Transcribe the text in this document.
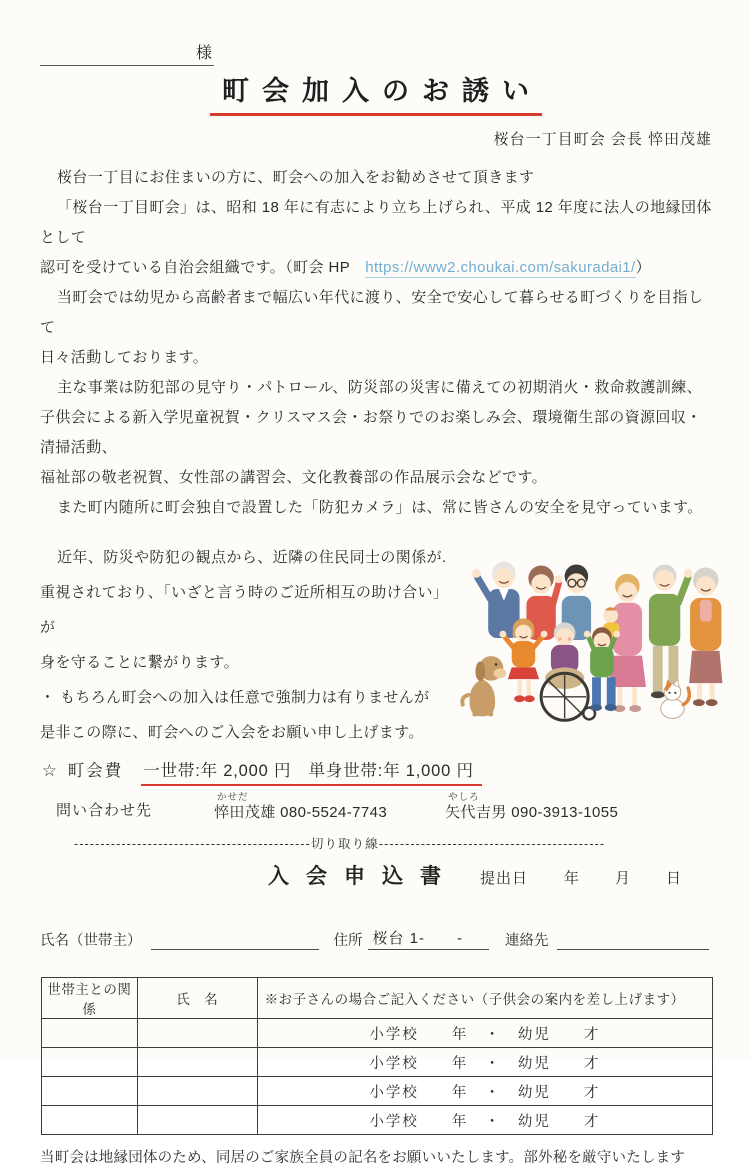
様
町会加入のお誘い
桜台一丁目町会 会長 悴田茂雄
桜台一丁目にお住まいの方に、町会への加入をお勧めさせて頂きます
「桜台一丁目町会」は、昭和 18 年に有志により立ち上げられ、平成 12 年度に法人の地縁団体として
認可を受けている自治会組織です。（町会 HP　https://www2.choukai.com/sakuradai1/）
当町会では幼児から高齢者まで幅広い年代に渡り、安全で安心して暮らせる町づくりを目指して
日々活動しております。
主な事業は防犯部の見守り・パトロール、防災部の災害に備えての初期消火・救命救護訓練、
子供会による新入学児童祝賀・クリスマス会・お祭りでのお楽しみ会、環境衛生部の資源回収・清掃活動、
福祉部の敬老祝賀、女性部の講習会、文化教養部の作品展示会などです。
また町内随所に町会独自で設置した「防犯カメラ」は、常に皆さんの安全を見守っています。
近年、防災や防犯の観点から、近隣の住民同士の関係が.
重視されており、「いざと言う時のご近所相互の助け合い」が
身を守ることに繋がります。
・ もちろん町会への加入は任意で強制力は有りませんが
是非この際に、町会へのご入会をお願い申し上げます。
☆ 町会費 一世帯:年 2,000 円　単身世帯:年 1,000 円
問い合わせ先
かせだ
悴田茂雄 080-5524-7743
やしろ
矢代吉男 090-3913-1055
---------------------------------------------切り取り線-------------------------------------------
入会申込書 提出日 年 月 日
氏名（世帯主）	住所 桜台 1-　　-	連絡先
世帯主との関係	氏　名	※お子さんの場合ご記入ください（子供会の案内を差し上げます）
		小学校　　年　・　幼児　　才
		小学校　　年　・　幼児　　才
		小学校　　年　・　幼児　　才
		小学校　　年　・　幼児　　才
当町会は地縁団体のため、同居のご家族全員の記名をお願いいたします。部外秘を厳守いたします
